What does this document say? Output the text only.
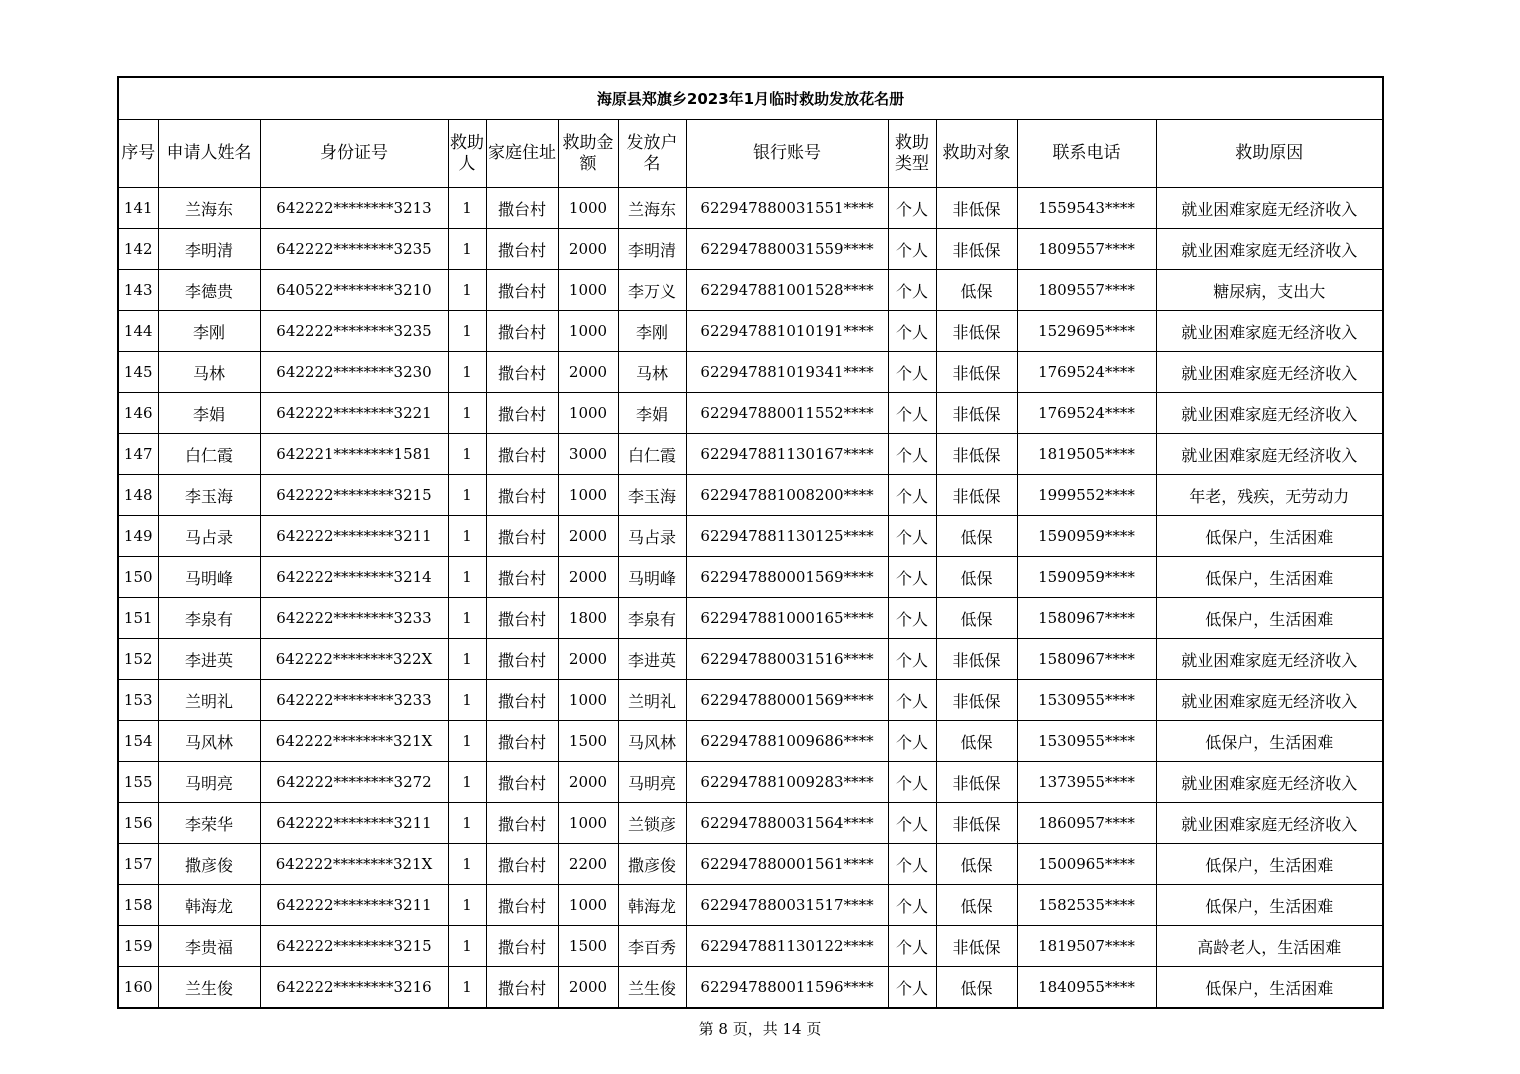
海原县郑旗乡2023年1月临时救助发放花名册											
序号	申请人姓名	身份证号	救助人	家庭住址	救助金额	发放户名	银行账号	救助类型	救助对象	联系电话	救助原因
141	兰海东	642222********3213	1	撒台村	1000	兰海东	622947880031551****	个人	非低保	1559543****	就业困难家庭无经济收入
142	李明清	642222********3235	1	撒台村	2000	李明清	622947880031559****	个人	非低保	1809557****	就业困难家庭无经济收入
143	李德贵	640522********3210	1	撒台村	1000	李万义	622947881001528****	个人	低保	1809557****	糖尿病，支出大
144	李刚	642222********3235	1	撒台村	1000	李刚	622947881010191****	个人	非低保	1529695****	就业困难家庭无经济收入
145	马林	642222********3230	1	撒台村	2000	马林	622947881019341****	个人	非低保	1769524****	就业困难家庭无经济收入
146	李娟	642222********3221	1	撒台村	1000	李娟	622947880011552****	个人	非低保	1769524****	就业困难家庭无经济收入
147	白仁霞	642221********1581	1	撒台村	3000	白仁霞	622947881130167****	个人	非低保	1819505****	就业困难家庭无经济收入
148	李玉海	642222********3215	1	撒台村	1000	李玉海	622947881008200****	个人	非低保	1999552****	年老，残疾，无劳动力
149	马占录	642222********3211	1	撒台村	2000	马占录	622947881130125****	个人	低保	1590959****	低保户，生活困难
150	马明峰	642222********3214	1	撒台村	2000	马明峰	622947880001569****	个人	低保	1590959****	低保户，生活困难
151	李泉有	642222********3233	1	撒台村	1800	李泉有	622947881000165****	个人	低保	1580967****	低保户，生活困难
152	李进英	642222********322X	1	撒台村	2000	李进英	622947880031516****	个人	非低保	1580967****	就业困难家庭无经济收入
153	兰明礼	642222********3233	1	撒台村	1000	兰明礼	622947880001569****	个人	非低保	1530955****	就业困难家庭无经济收入
154	马风林	642222********321X	1	撒台村	1500	马风林	622947881009686****	个人	低保	1530955****	低保户，生活困难
155	马明亮	642222********3272	1	撒台村	2000	马明亮	622947881009283****	个人	非低保	1373955****	就业困难家庭无经济收入
156	李荣华	642222********3211	1	撒台村	1000	兰锁彦	622947880031564****	个人	非低保	1860957****	就业困难家庭无经济收入
157	撒彦俊	642222********321X	1	撒台村	2200	撒彦俊	622947880001561****	个人	低保	1500965****	低保户，生活困难
158	韩海龙	642222********3211	1	撒台村	1000	韩海龙	622947880031517****	个人	低保	1582535****	低保户，生活困难
159	李贵福	642222********3215	1	撒台村	1500	李百秀	622947881130122****	个人	非低保	1819507****	高龄老人，生活困难
160	兰生俊	642222********3216	1	撒台村	2000	兰生俊	622947880011596****	个人	低保	1840955****	低保户，生活困难
第 8 页，共 14 页
